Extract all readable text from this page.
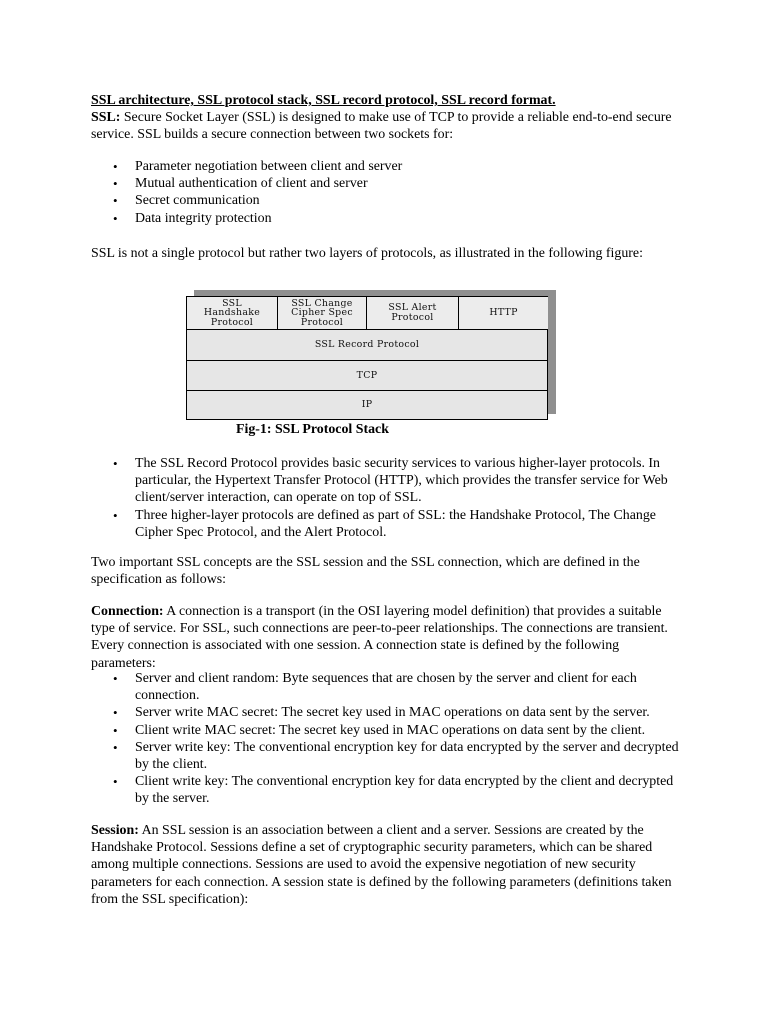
SSL architecture, SSL protocol stack, SSL record protocol, SSL record format.

SSL: Secure Socket Layer (SSL) is designed to make use of TCP to provide a reliable end-to-end secure service. SSL builds a secure connection between two sockets for:

• Parameter negotiation between client and server
• Mutual authentication of client and server
• Secret communication
• Data integrity protection

SSL is not a single protocol but rather two layers of protocols, as illustrated in the following figure:

SSL Handshake Protocol
SSL Change Cipher Spec Protocol
SSL Alert Protocol	HTTP
SSL Record Protocol
TCP
IP

Fig-1: SSL Protocol Stack

• The SSL Record Protocol provides basic security services to various higher-layer protocols. In particular, the Hypertext Transfer Protocol (HTTP), which provides the transfer service for Web client/server interaction, can operate on top of SSL.
• Three higher-layer protocols are defined as part of SSL: the Handshake Protocol, The Change Cipher Spec Protocol, and the Alert Protocol.

Two important SSL concepts are the SSL session and the SSL connection, which are defined in the specification as follows:

Connection: A connection is a transport (in the OSI layering model definition) that provides a suitable type of service. For SSL, such connections are peer-to-peer relationships. The connections are transient. Every connection is associated with one session. A connection state is defined by the following parameters:

• Server and client random: Byte sequences that are chosen by the server and client for each connection.
• Server write MAC secret: The secret key used in MAC operations on data sent by the server.
• Client write MAC secret: The secret key used in MAC operations on data sent by the client.
• Server write key: The conventional encryption key for data encrypted by the server and decrypted by the client.
• Client write key: The conventional encryption key for data encrypted by the client and decrypted by the server.

Session: An SSL session is an association between a client and a server. Sessions are created by the Handshake Protocol. Sessions define a set of cryptographic security parameters, which can be shared among multiple connections. Sessions are used to avoid the expensive negotiation of new security parameters for each connection. A session state is defined by the following parameters (definitions taken from the SSL specification):
